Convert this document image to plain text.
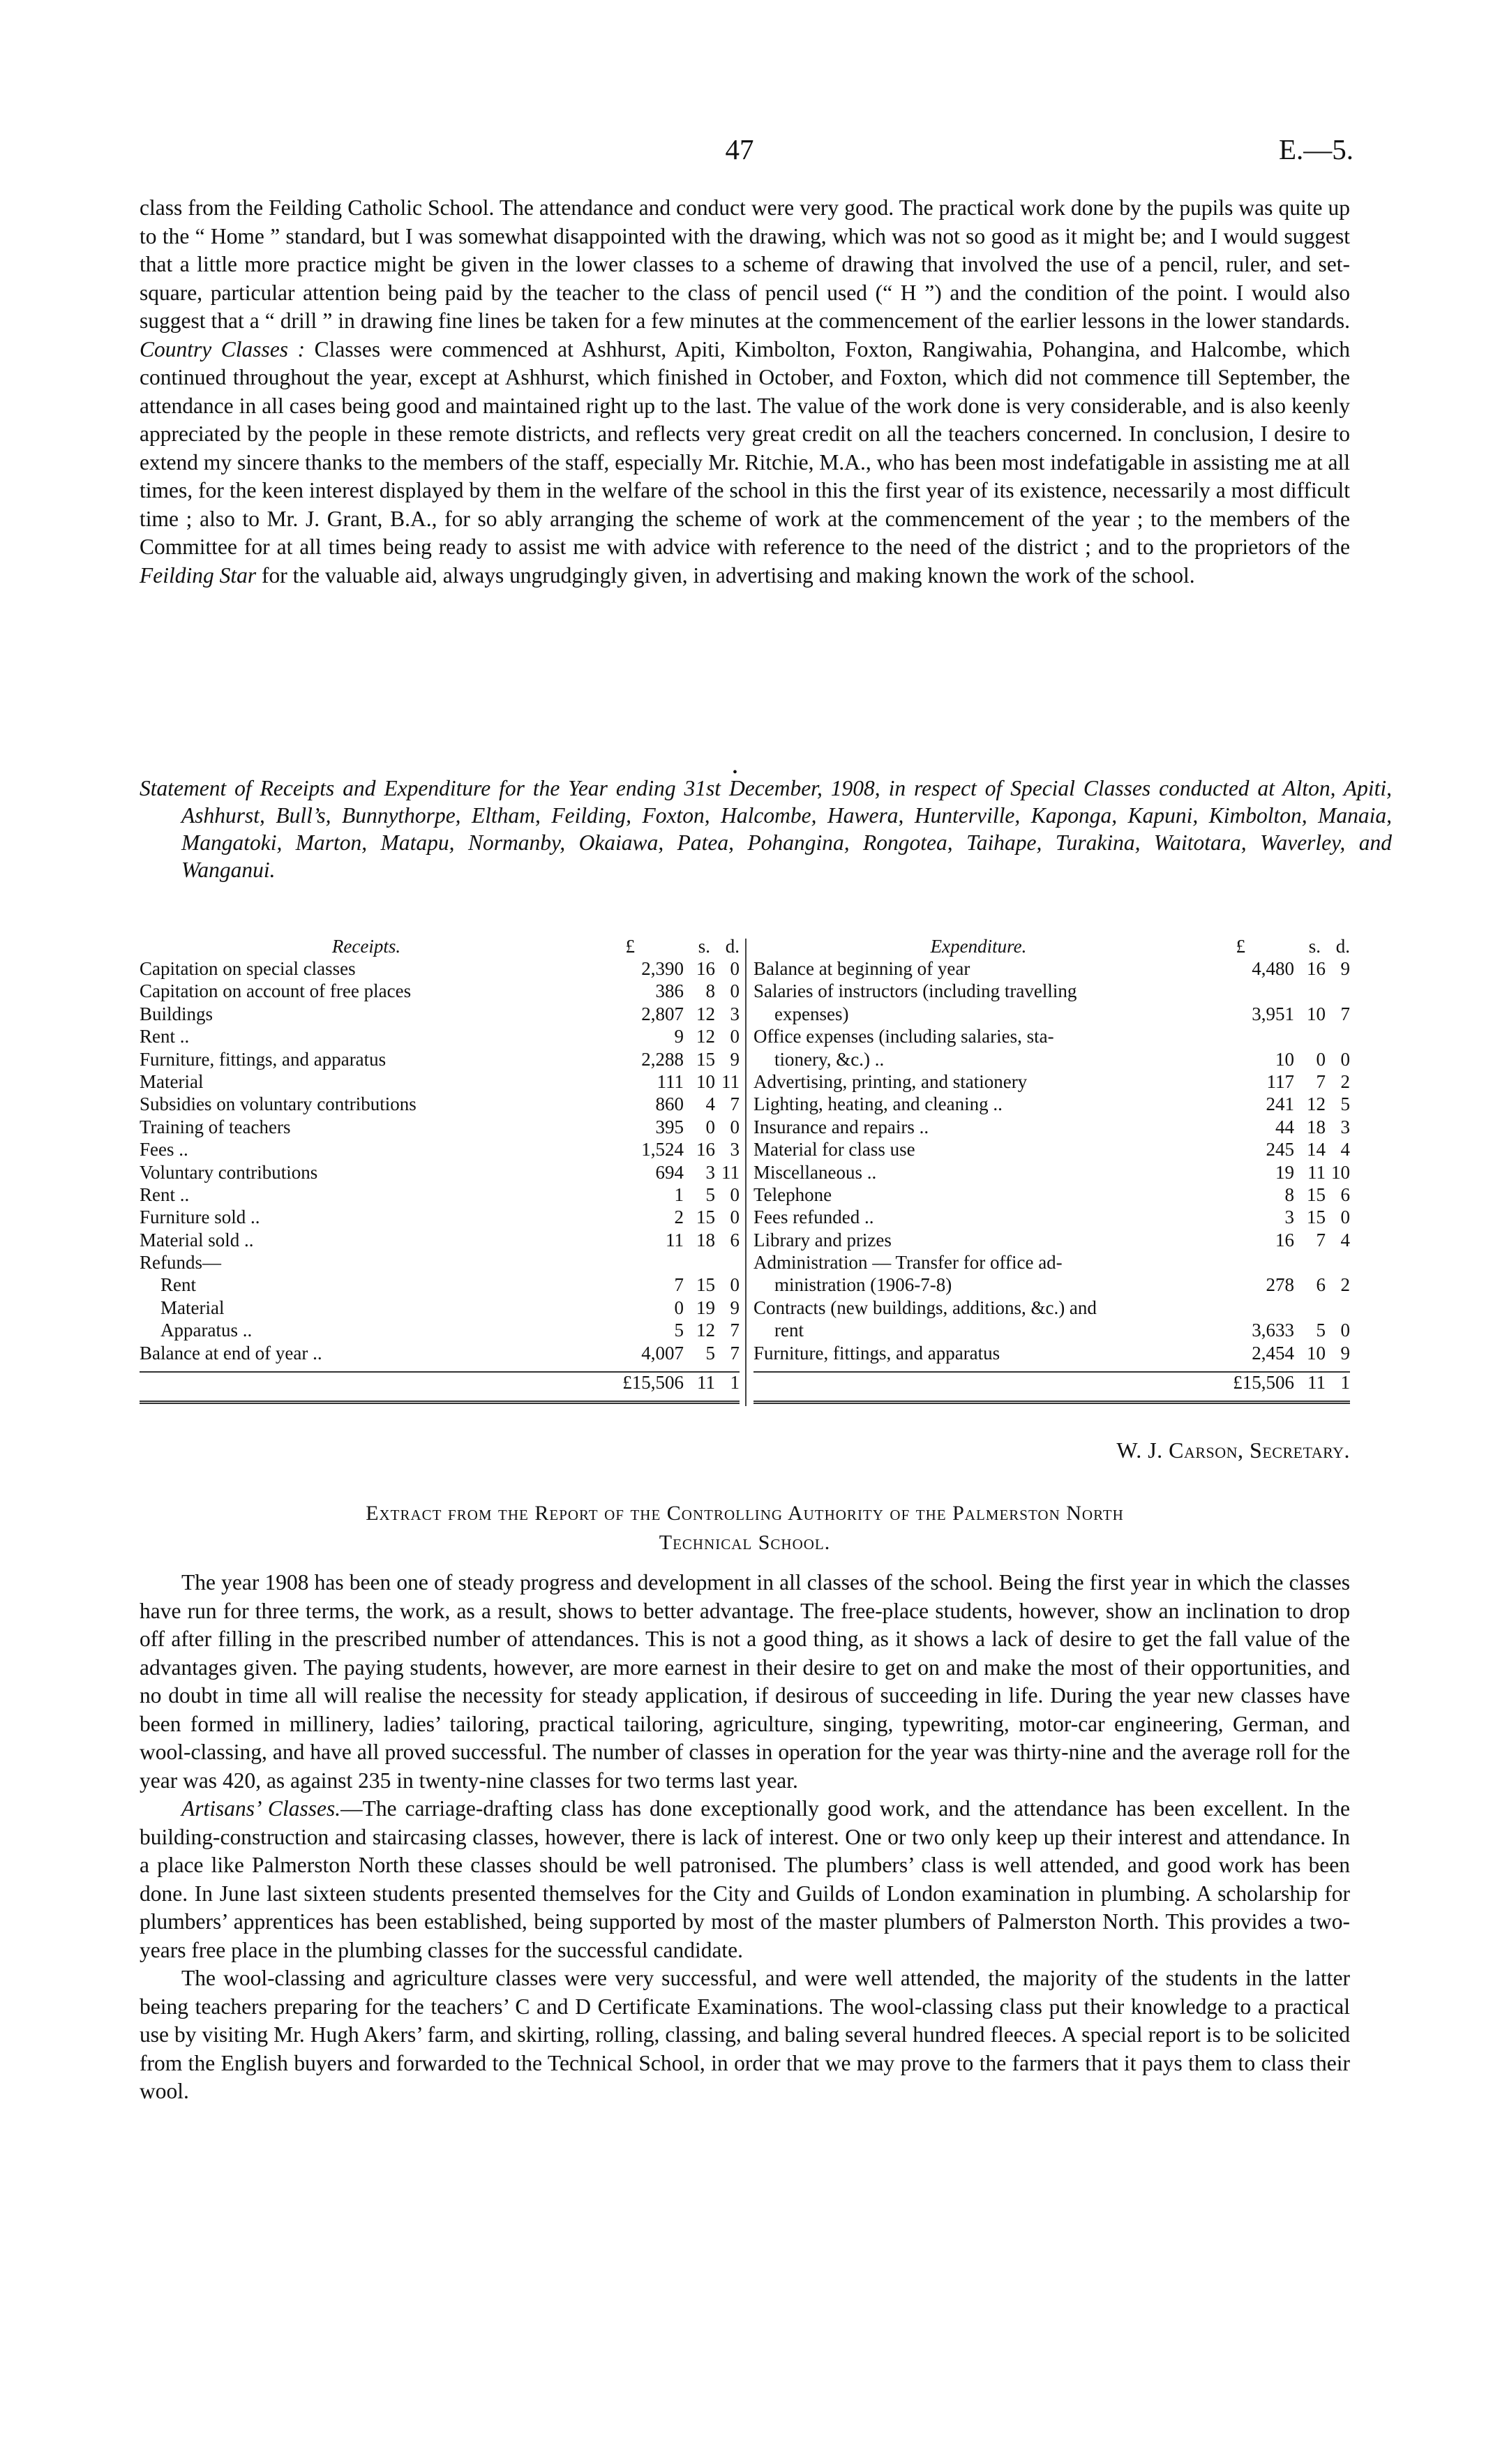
47	E.—5.

class from the Feilding Catholic School. The attendance and conduct were very good. The practical work done by the pupils was quite up to the “ Home ” standard, but I was somewhat disappointed with the drawing, which was not so good as it might be; and I would suggest that a little more practice might be given in the lower classes to a scheme of drawing that involved the use of a pencil, ruler, and set-square, particular attention being paid by the teacher to the class of pencil used (“ H ”) and the condition of the point. I would also suggest that a “ drill ” in drawing fine lines be taken for a few minutes at the commencement of the earlier lessons in the lower standards. Country Classes : Classes were commenced at Ashhurst, Apiti, Kimbolton, Foxton, Rangiwahia, Pohangina, and Halcombe, which continued throughout the year, except at Ashhurst, which finished in October, and Foxton, which did not commence till September, the attendance in all cases being good and maintained right up to the last. The value of the work done is very considerable, and is also keenly appreciated by the people in these remote districts, and reflects very great credit on all the teachers concerned. In conclusion, I desire to extend my sincere thanks to the members of the staff, especially Mr. Ritchie, M.A., who has been most indefatigable in assisting me at all times, for the keen interest displayed by them in the welfare of the school in this the first year of its existence, necessarily a most difficult time ; also to Mr. J. Grant, B.A., for so ably arranging the scheme of work at the commencement of the year ; to the members of the Committee for at all times being ready to assist me with advice with reference to the need of the district ; and to the proprietors of the Feilding Star for the valuable aid, always ungrudgingly given, in advertising and making known the work of the school.

•
Statement of Receipts and Expenditure for the Year ending 31st December, 1908, in respect of Special Classes conducted at Alton, Apiti, Ashhurst, Bull’s, Bunnythorpe, Eltham, Feilding, Foxton, Halcombe, Hawera, Hunterville, Kaponga, Kapuni, Kimbolton, Manaia, Mangatoki, Marton, Matapu, Normanby, Okaiawa, Patea, Pohangina, Rongotea, Taihape, Turakina, Waitotara, Waverley, and Wanganui.
Receipts.	£	s. d.
Capitation on special classes	2,390 16 0
Capitation on account of free places	386	8 0
Buildings	2,807 12 3
Rent ..	9 12 0
Furniture, fittings, and apparatus	2,288 15 9
Material	111 10 11
Subsidies on voluntary contributions	860	4 7
Training of teachers	395	0 0
Fees ..	1,524 16 3
Voluntary contributions	694	3 11
Rent ..	1	5 0
Furniture sold ..	2 15 0
Material sold ..	11 18 6
Refunds—
Rent	7 15 0
Material	0 19 9
Apparatus ..	5 12 7
Balance at end of year ..	4,007	5 7
£15,506 11 1
Expenditure.	£	s. d.
Balance at beginning of year	4,480 16 9
Salaries of instructors (including travelling
expenses)	3,951 10 7
Office expenses (including salaries, sta-
tionery, &c.) ..	10	0 0
Advertising, printing, and stationery	117	7 2
Lighting, heating, and cleaning ..	241 12 5
Insurance and repairs ..	44 18 3
Material for class use	245 14 4
Miscellaneous ..	19 11 10
Telephone	8 15 6
Fees refunded ..	3 15 0
Library and prizes	16	7 4
Administration — Transfer for office ad-
ministration (1906-7-8)	278	6 2
Contracts (new buildings, additions, &c.) and
rent	3,633	5 0
Furniture, fittings, and apparatus	2,454 10 9
£15,506 11 1
W. J. Carson, Secretary.
Extract from the Report of the Controlling Authority of the Palmerston North
Technical School.

The year 1908 has been one of steady progress and development in all classes of the school. Being the first year in which the classes have run for three terms, the work, as a result, shows to better advantage. The free-place students, however, show an inclination to drop off after filling in the prescribed number of attendances. This is not a good thing, as it shows a lack of desire to get the fall value of the advantages given. The paying students, however, are more earnest in their desire to get on and make the most of their opportunities, and no doubt in time all will realise the necessity for steady application, if desirous of succeeding in life. During the year new classes have been formed in millinery, ladies’ tailoring, practical tailoring, agriculture, singing, typewriting, motor-car engineering, German, and wool-classing, and have all proved successful. The number of classes in operation for the year was thirty-nine and the average roll for the year was 420, as against 235 in twenty-nine classes for two terms last year.

Artisans’ Classes.—The carriage-drafting class has done exceptionally good work, and the attendance has been excellent. In the building-construction and staircasing classes, however, there is lack of interest. One or two only keep up their interest and attendance. In a place like Palmerston North these classes should be well patronised. The plumbers’ class is well attended, and good work has been done. In June last sixteen students presented themselves for the City and Guilds of London examination in plumbing. A scholarship for plumbers’ apprentices has been established, being supported by most of the master plumbers of Palmerston North. This provides a two-years free place in the plumbing classes for the successful candidate.

The wool-classing and agriculture classes were very successful, and were well attended, the majority of the students in the latter being teachers preparing for the teachers’ C and D Certificate Examinations. The wool-classing class put their knowledge to a practical use by visiting Mr. Hugh Akers’ farm, and skirting, rolling, classing, and baling several hundred fleeces. A special report is to be solicited from the English buyers and forwarded to the Technical School, in order that we may prove to the farmers that it pays them to class their wool.
